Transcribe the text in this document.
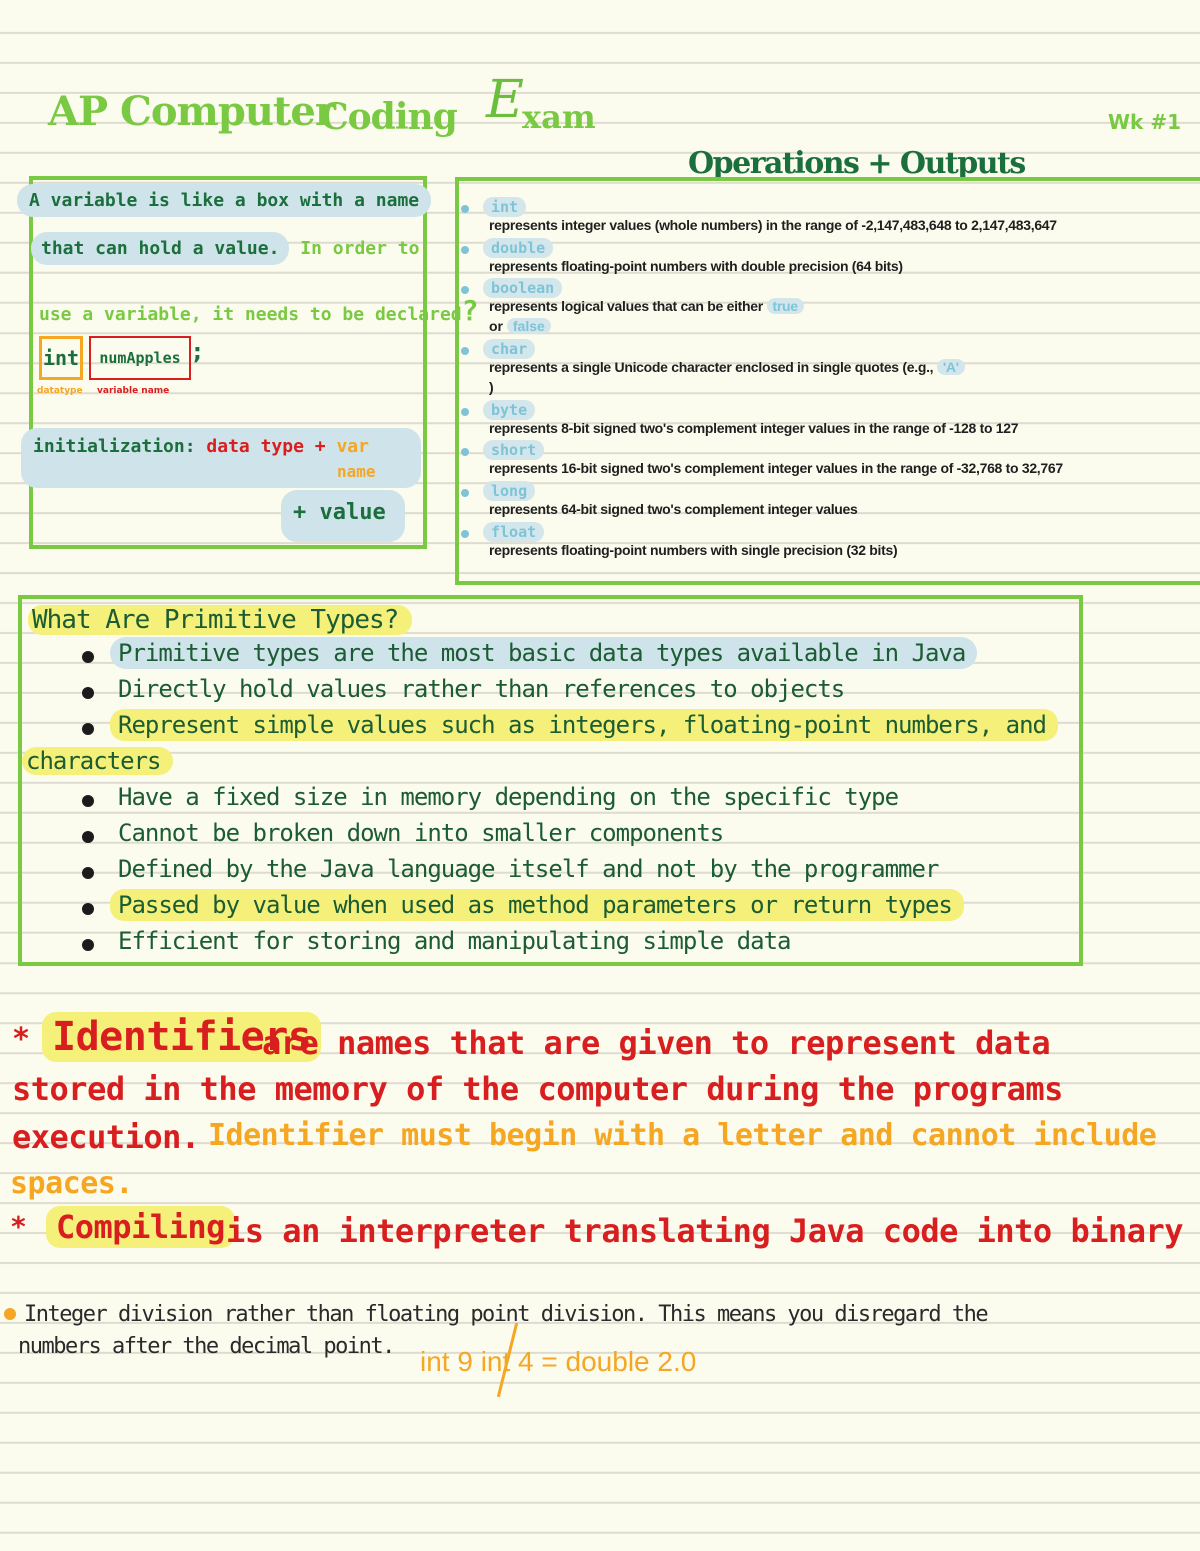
AP Computer
Coding E
xam	Wk #1
A variable is like a box with a name
that can hold a value. In order to
use a variable, it needs to be declared?
int	numApples ;
datatype variable name
initialization: data type + var
name
+ value
Operations + Outputs
int
represents integer values (whole numbers) in the range of -2,147,483,648 to 2,147,483,647
double
represents floating-point numbers with double precision (64 bits)
boolean
represents logical values that can be either true
or false
char
represents a single Unicode character enclosed in single quotes (e.g., 'A'
)
byte
represents 8-bit signed two's complement integer values in the range of -128 to 127
short
represents 16-bit signed two's complement integer values in the range of -32,768 to 32,767
long
represents 64-bit signed two's complement integer values
float
represents floating-point numbers with single precision (32 bits)
What Are Primitive Types?
Primitive types are the most basic data types available in Java
Directly hold values rather than references to objects
Represent simple values such as integers, floating-point numbers, and
characters
Have a fixed size in memory depending on the specific type
Cannot be broken down into smaller components
Defined by the Java language itself and not by the programmer
Passed by value when used as method parameters or return types
Efficient for storing and manipulating simple data
* Identifiers
are names that are given to represent data
stored in the memory of the computer during the programs
execution. Identifier must begin with a letter and cannot include
spaces.
* Compiling is an interpreter translating Java code into binary
Integer division rather than floating point division. This means you disregard the
numbers after the decimal point. int 9 int 4 = double 2.0
